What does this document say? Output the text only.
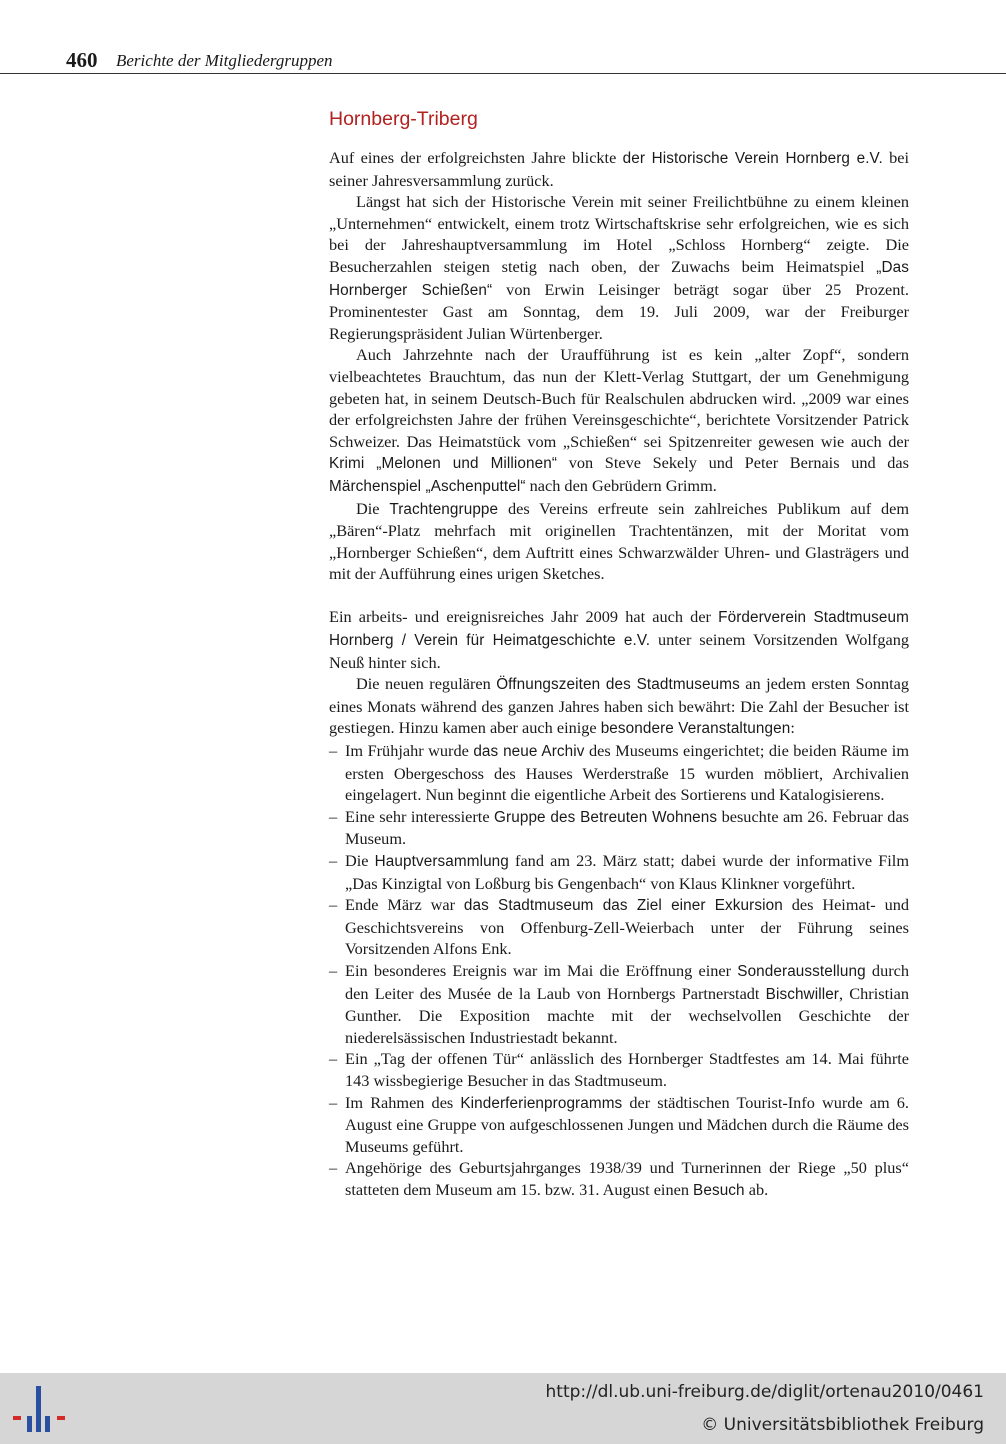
460 Berichte der Mitgliedergruppen
Hornberg-Triberg

Auf eines der erfolgreichsten Jahre blickte der Historische Verein Hornberg e.V. bei seiner Jahresversammlung zurück.

Längst hat sich der Historische Verein mit seiner Freilichtbühne zu einem kleinen „Unternehmen“ entwickelt, einem trotz Wirtschaftskrise sehr erfolgreichen, wie es sich bei der Jahreshauptversammlung im Hotel „Schloss Hornberg“ zeigte. Die Besucherzahlen steigen stetig nach oben, der Zuwachs beim Heimatspiel „Das Hornberger Schießen“ von Erwin Leisinger beträgt sogar über 25 Prozent. Prominentester Gast am Sonntag, dem 19. Juli 2009, war der Freiburger Regierungspräsident Julian Würtenberger.

Auch Jahrzehnte nach der Uraufführung ist es kein „alter Zopf“, sondern vielbeachtetes Brauchtum, das nun der Klett-Verlag Stuttgart, der um Genehmigung gebeten hat, in seinem Deutsch-Buch für Realschulen abdrucken wird. „2009 war eines der erfolgreichsten Jahre der frühen Vereinsgeschichte“, berichtete Vorsitzender Patrick Schweizer. Das Heimatstück vom „Schießen“ sei Spitzenreiter gewesen wie auch der Krimi „Melonen und Millionen“ von Steve Sekely und Peter Bernais und das Märchenspiel „Aschenputtel“ nach den Gebrüdern Grimm.

Die Trachtengruppe des Vereins erfreute sein zahlreiches Publikum auf dem „Bären“-Platz mehrfach mit originellen Trachtentänzen, mit der Moritat vom „Hornberger Schießen“, dem Auftritt eines Schwarzwälder Uhren- und Glasträgers und mit der Aufführung eines urigen Sketches.

Ein arbeits- und ereignisreiches Jahr 2009 hat auch der Förderverein Stadtmuseum Hornberg / Verein für Heimatgeschichte e.V. unter seinem Vorsitzenden Wolfgang Neuß hinter sich.

Die neuen regulären Öffnungszeiten des Stadtmuseums an jedem ersten Sonntag eines Monats während des ganzen Jahres haben sich bewährt: Die Zahl der Besucher ist gestiegen. Hinzu kamen aber auch einige besondere Veranstaltungen:

– Im Frühjahr wurde das neue Archiv des Museums eingerichtet; die beiden Räume im ersten Obergeschoss des Hauses Werderstraße 15 wurden möbliert, Archivalien eingelagert. Nun beginnt die eigentliche Arbeit des Sortierens und Katalogisierens.
– Eine sehr interessierte Gruppe des Betreuten Wohnens besuchte am 26. Februar das Museum.
– Die Hauptversammlung fand am 23. März statt; dabei wurde der informative Film „Das Kinzigtal von Loßburg bis Gengenbach“ von Klaus Klinkner vorgeführt.
– Ende März war das Stadtmuseum das Ziel einer Exkursion des Heimat- und Geschichtsvereins von Offenburg-Zell-Weierbach unter der Führung seines Vorsitzenden Alfons Enk.
– Ein besonderes Ereignis war im Mai die Eröffnung einer Sonderausstellung durch den Leiter des Musée de la Laub von Hornbergs Partnerstadt Bischwiller, Christian Gunther. Die Exposition machte mit der wechselvollen Geschichte der niederelsässischen Industriestadt bekannt.
– Ein „Tag der offenen Tür“ anlässlich des Hornberger Stadtfestes am 14. Mai führte 143 wissbegierige Besucher in das Stadtmuseum.
– Im Rahmen des Kinderferienprogramms der städtischen Tourist-Info wurde am 6. August eine Gruppe von aufgeschlossenen Jungen und Mädchen durch die Räume des Museums geführt.
– Angehörige des Geburtsjahrganges 1938/39 und Turnerinnen der Riege „50 plus“ statteten dem Museum am 15. bzw. 31. August einen Besuch ab.
http://dl.ub.uni-freiburg.de/diglit/ortenau2010/0461
© Universitätsbibliothek Freiburg
